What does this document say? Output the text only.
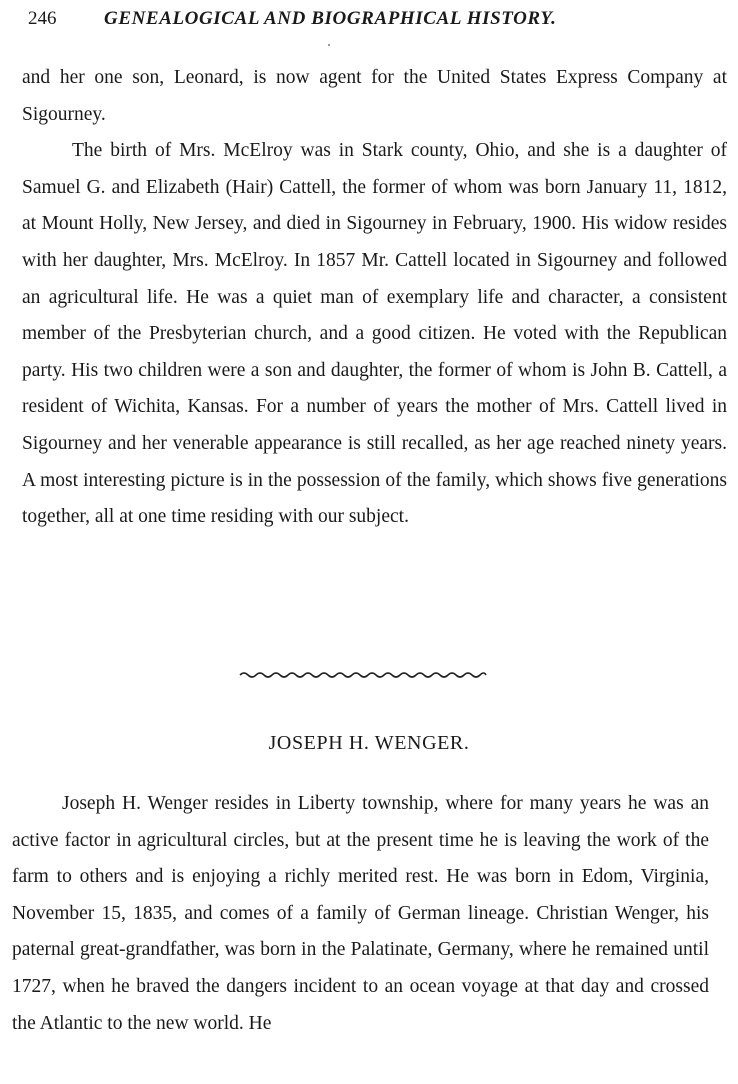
246	GENEALOGICAL AND BIOGRAPHICAL HISTORY.

and her one son, Leonard, is now agent for the United States Express Company at Sigourney.

The birth of Mrs. McElroy was in Stark county, Ohio, and she is a daughter of Samuel G. and Elizabeth (Hair) Cattell, the former of whom was born January 11, 1812, at Mount Holly, New Jersey, and died in Sigourney in February, 1900. His widow resides with her daughter, Mrs. McElroy. In 1857 Mr. Cattell located in Sigourney and followed an agricultural life. He was a quiet man of exemplary life and character, a consistent member of the Presbyterian church, and a good citizen. He voted with the Republican party. His two children were a son and daughter, the former of whom is John B. Cattell, a resident of Wichita, Kansas. For a number of years the mother of Mrs. Cattell lived in Sigourney and her venerable appearance is still recalled, as her age reached ninety years. A most interesting picture is in the possession of the family, which shows five generations together, all at one time residing with our subject.

JOSEPH H. WENGER.

Joseph H. Wenger resides in Liberty township, where for many years he was an active factor in agricultural circles, but at the present time he is leaving the work of the farm to others and is enjoying a richly merited rest. He was born in Edom, Virginia, November 15, 1835, and comes of a family of German lineage. Christian Wenger, his paternal great-grandfather, was born in the Palatinate, Germany, where he remained until 1727, when he braved the dangers incident to an ocean voyage at that day and crossed the Atlantic to the new world. He
